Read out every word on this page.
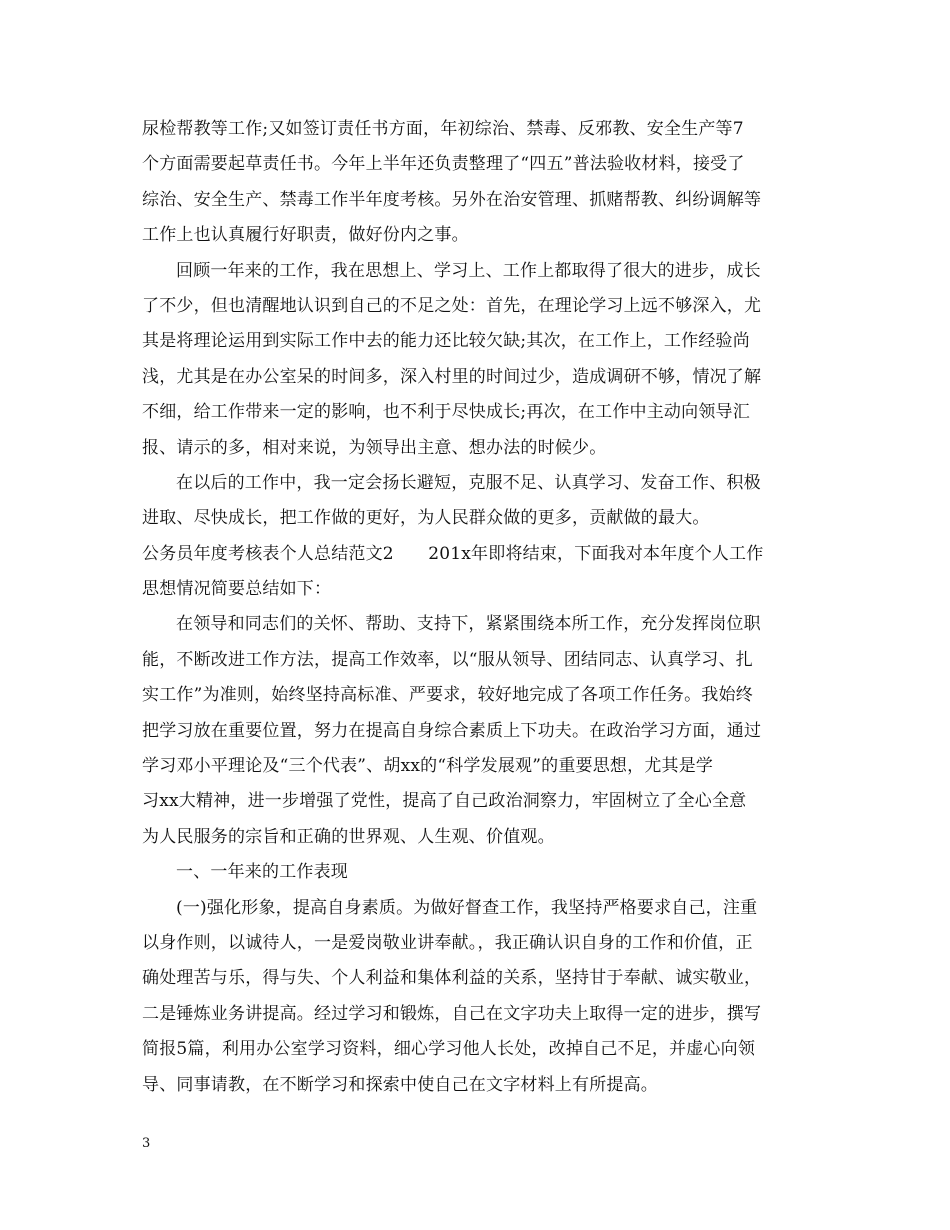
尿检帮教等工作;又如签订责任书方面，年初综治、禁毒、反邪教、安全生产等7
个方面需要起草责任书。今年上半年还负责整理了“四五”普法验收材料，接受了
综治、安全生产、禁毒工作半年度考核。另外在治安管理、抓赌帮教、纠纷调解等
工作上也认真履行好职责，做好份内之事。
回顾一年来的工作，我在思想上、学习上、工作上都取得了很大的进步，成长
了不少，但也清醒地认识到自己的不足之处：首先，在理论学习上远不够深入，尤
其是将理论运用到实际工作中去的能力还比较欠缺;其次，在工作上，工作经验尚
浅，尤其是在办公室呆的时间多，深入村里的时间过少，造成调研不够，情况了解
不细，给工作带来一定的影响，也不利于尽快成长;再次，在工作中主动向领导汇
报、请示的多，相对来说，为领导出主意、想办法的时候少。
在以后的工作中，我一定会扬长避短，克服不足、认真学习、发奋工作、积极
进取、尽快成长，把工作做的更好，为人民群众做的更多，贡献做的最大。
公务员年度考核表个人总结范文2　　201x年即将结束，下面我对本年度个人工作
思想情况简要总结如下：
在领导和同志们的关怀、帮助、支持下，紧紧围绕本所工作，充分发挥岗位职
能，不断改进工作方法，提高工作效率，以“服从领导、团结同志、认真学习、扎
实工作”为准则，始终坚持高标准、严要求，较好地完成了各项工作任务。我始终
把学习放在重要位置，努力在提高自身综合素质上下功夫。在政治学习方面，通过
学习邓小平理论及“三个代表”、胡xx的“科学发展观”的重要思想，尤其是学
习xx大精神，进一步增强了党性，提高了自己政治洞察力，牢固树立了全心全意
为人民服务的宗旨和正确的世界观、人生观、价值观。
一、一年来的工作表现
(一)强化形象，提高自身素质。为做好督查工作，我坚持严格要求自己，注重
以身作则，以诚待人，一是爱岗敬业讲奉献。，我正确认识自身的工作和价值，正
确处理苦与乐，得与失、个人利益和集体利益的关系，坚持甘于奉献、诚实敬业，
二是锤炼业务讲提高。经过学习和锻炼，自己在文字功夫上取得一定的进步，撰写
简报5篇，利用办公室学习资料，细心学习他人长处，改掉自己不足，并虚心向领
导、同事请教，在不断学习和探索中使自己在文字材料上有所提高。
3
